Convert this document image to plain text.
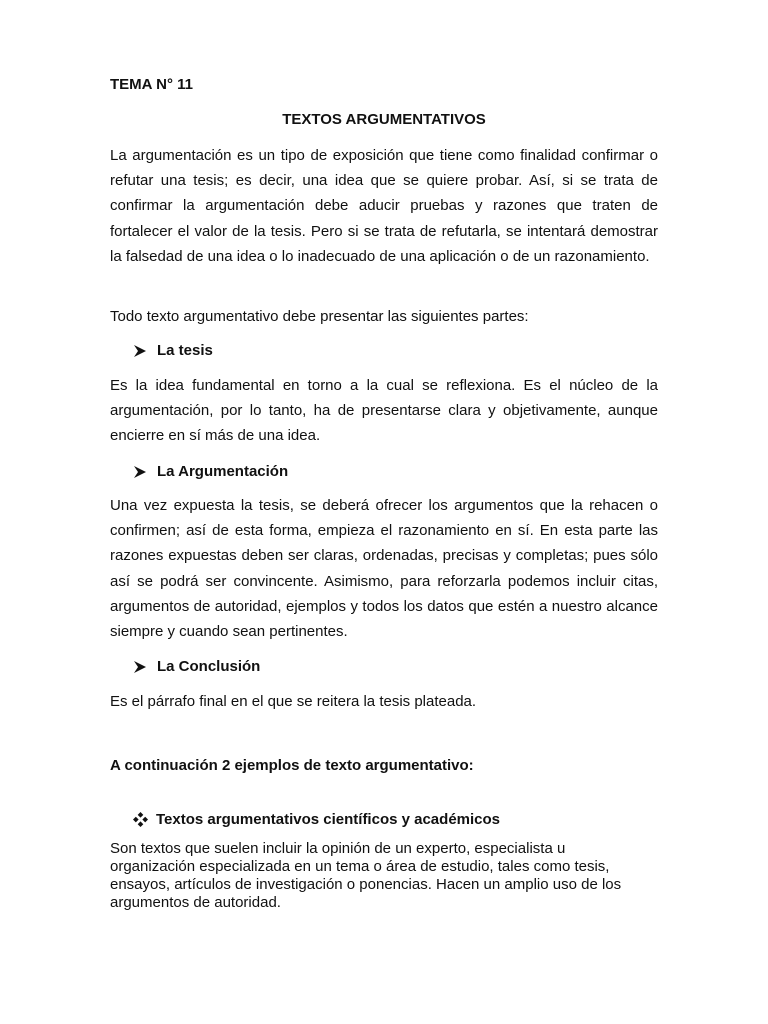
TEMA N° 11
TEXTOS ARGUMENTATIVOS

La argumentación es un tipo de exposición que tiene como finalidad confirmar o refutar una tesis; es decir, una idea que se quiere probar. Así, si se trata de confirmar la argumentación debe aducir pruebas y razones que traten de fortalecer el valor de la tesis. Pero si se trata de refutarla, se intentará demostrar la falsedad de una idea o lo inadecuado de una aplicación o de un razonamiento.

Todo texto argumentativo debe presentar las siguientes partes:

La tesis

Es la idea fundamental en torno a la cual se reflexiona. Es el núcleo de la argumentación, por lo tanto, ha de presentarse clara y objetivamente, aunque encierre en sí más de una idea.

La Argumentación

Una vez expuesta la tesis, se deberá ofrecer los argumentos que la rehacen o confirmen; así de esta forma, empieza el razonamiento en sí. En esta parte las razones expuestas deben ser claras, ordenadas, precisas y completas; pues sólo así se podrá ser convincente. Asimismo, para reforzarla podemos incluir citas, argumentos de autoridad, ejemplos y todos los datos que estén a nuestro alcance siempre y cuando sean pertinentes.

La Conclusión

Es el párrafo final en el que se reitera la tesis plateada.

A continuación 2 ejemplos de texto argumentativo:
Textos argumentativos científicos y académicos
Son textos que suelen incluir la opinión de un experto, especialista u
organización especializada en un tema o área de estudio, tales como tesis,
ensayos, artículos de investigación o ponencias. Hacen un amplio uso de los
argumentos de autoridad.
